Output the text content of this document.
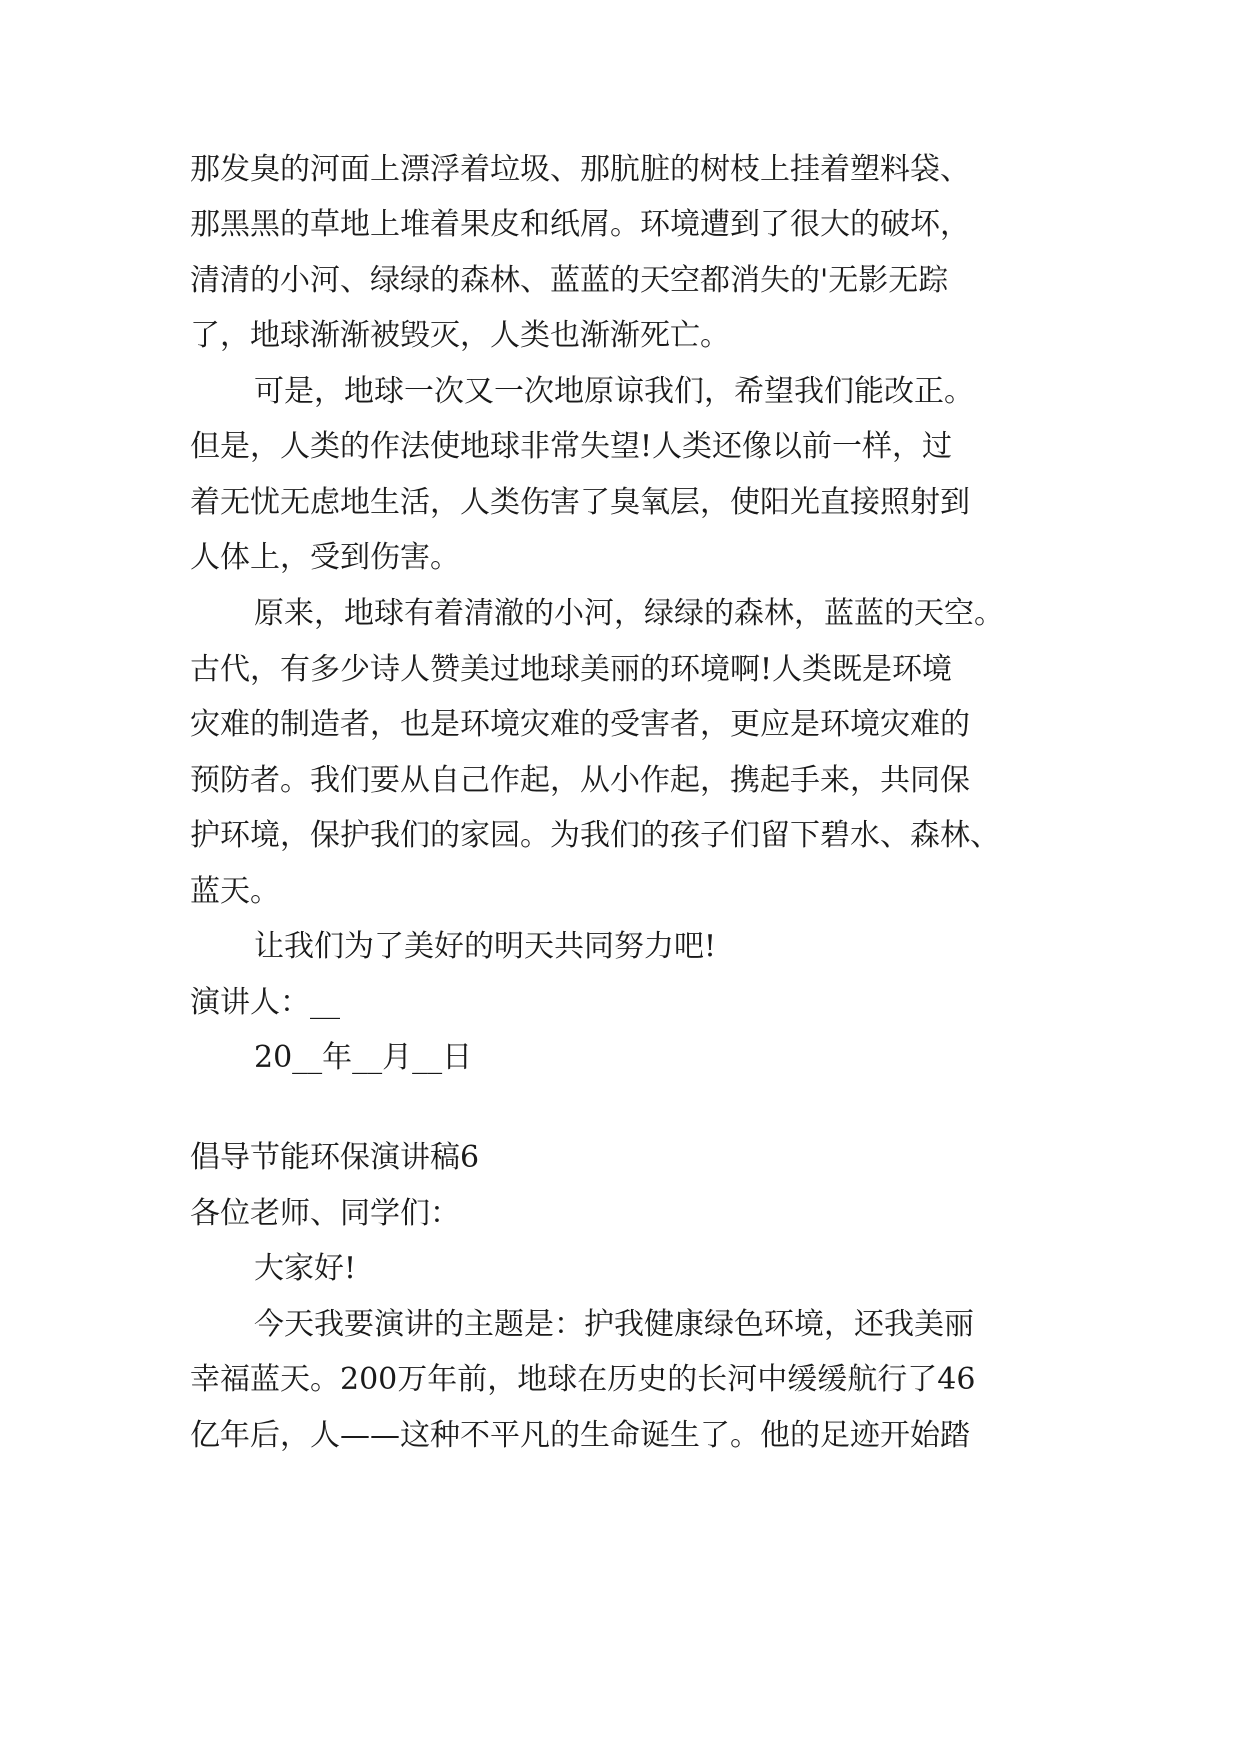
那发臭的河面上漂浮着垃圾、那肮脏的树枝上挂着塑料袋、
那黑黑的草地上堆着果皮和纸屑。环境遭到了很大的破坏，
清清的小河、绿绿的森林、蓝蓝的天空都消失的'无影无踪
了，地球渐渐被毁灭，人类也渐渐死亡。
可是，地球一次又一次地原谅我们，希望我们能改正。
但是，人类的作法使地球非常失望!人类还像以前一样，过
着无忧无虑地生活，人类伤害了臭氧层，使阳光直接照射到
人体上，受到伤害。
原来，地球有着清澈的小河，绿绿的森林，蓝蓝的天空。
古代，有多少诗人赞美过地球美丽的环境啊!人类既是环境
灾难的制造者，也是环境灾难的受害者，更应是环境灾难的
预防者。我们要从自己作起，从小作起，携起手来，共同保
护环境，保护我们的家园。为我们的孩子们留下碧水、森林、
蓝天。
让我们为了美好的明天共同努力吧!
演讲人：__
20__年__月__日
倡导节能环保演讲稿6
各位老师、同学们：
大家好!
今天我要演讲的主题是：护我健康绿色环境，还我美丽
幸福蓝天。200万年前，地球在历史的长河中缓缓航行了46
亿年后，人——这种不平凡的生命诞生了。他的足迹开始踏
